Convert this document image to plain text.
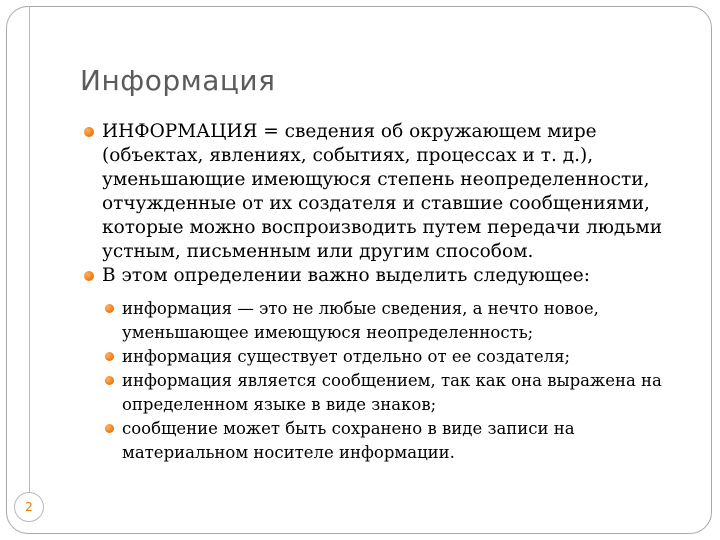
Информация
ИНФОРМАЦИЯ = сведения об окружающем мире
(объектах, явлениях, событиях, процессах и т. д.),
уменьшающие имеющуюся степень неопределенности,
отчужденные от их создателя и ставшие сообщениями,
которые можно воспроизводить путем передачи людьми
устным, письменным или другим способом.
В этом определении важно выделить следующее:
информация — это не любые сведения, а нечто новое,
уменьшающее имеющуюся неопределенность;
информация существует отдельно от ее создателя;
информация является сообщением, так как она выражена на
определенном языке в виде знаков;
сообщение может быть сохранено в виде записи на
материальном носителе информации.
2
